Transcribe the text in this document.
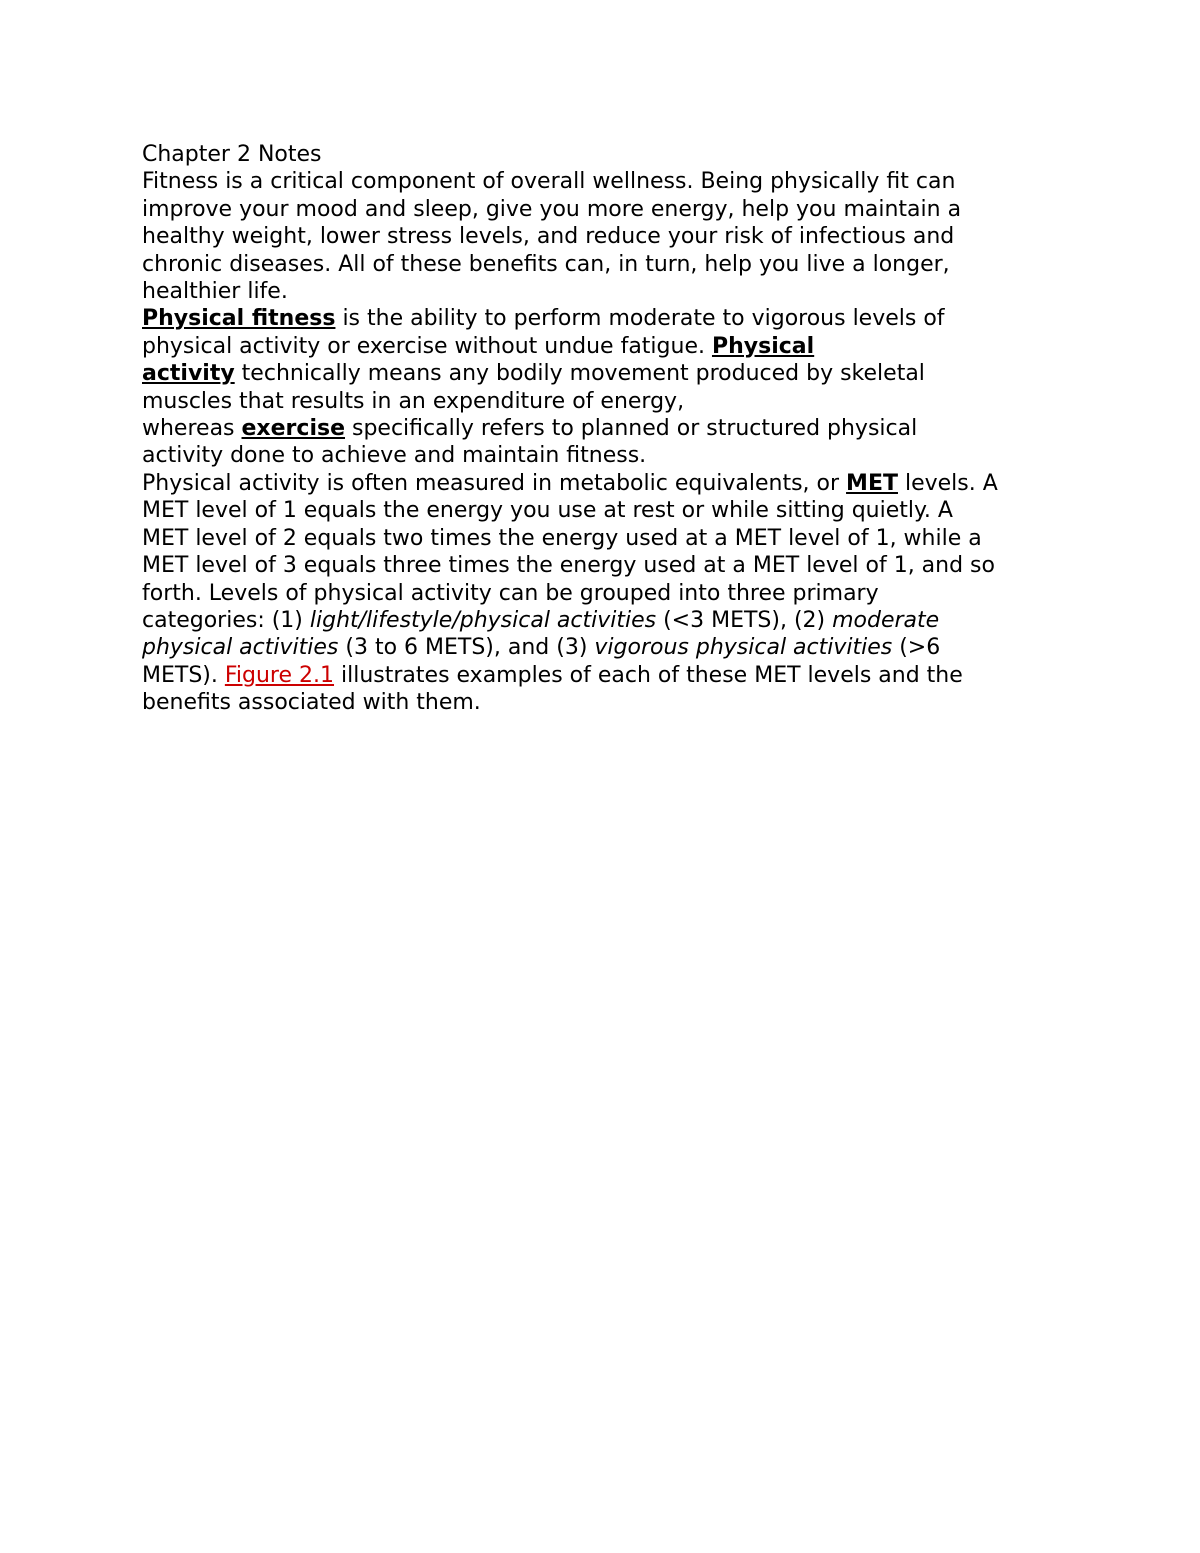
Chapter 2 Notes
Fitness is a critical component of overall wellness. Being physically fit can
improve your mood and sleep, give you more energy, help you maintain a
healthy weight, lower stress levels, and reduce your risk of infectious and
chronic diseases. All of these benefits can, in turn, help you live a longer,
healthier life.
Physical fitness is the ability to perform moderate to vigorous levels of
physical activity or exercise without undue fatigue. Physical
activity technically means any bodily movement produced by skeletal
muscles that results in an expenditure of energy,
whereas exercise specifically refers to planned or structured physical
activity done to achieve and maintain fitness.
Physical activity is often measured in metabolic equivalents, or MET levels. A
MET level of 1 equals the energy you use at rest or while sitting quietly. A
MET level of 2 equals two times the energy used at a MET level of 1, while a
MET level of 3 equals three times the energy used at a MET level of 1, and so
forth. Levels of physical activity can be grouped into three primary
categories: (1) light/lifestyle/physical activities (<3 METS), (2) moderate
physical activities (3 to 6 METS), and (3) vigorous physical activities (>6
METS). Figure 2.1 illustrates examples of each of these MET levels and the
benefits associated with them.
